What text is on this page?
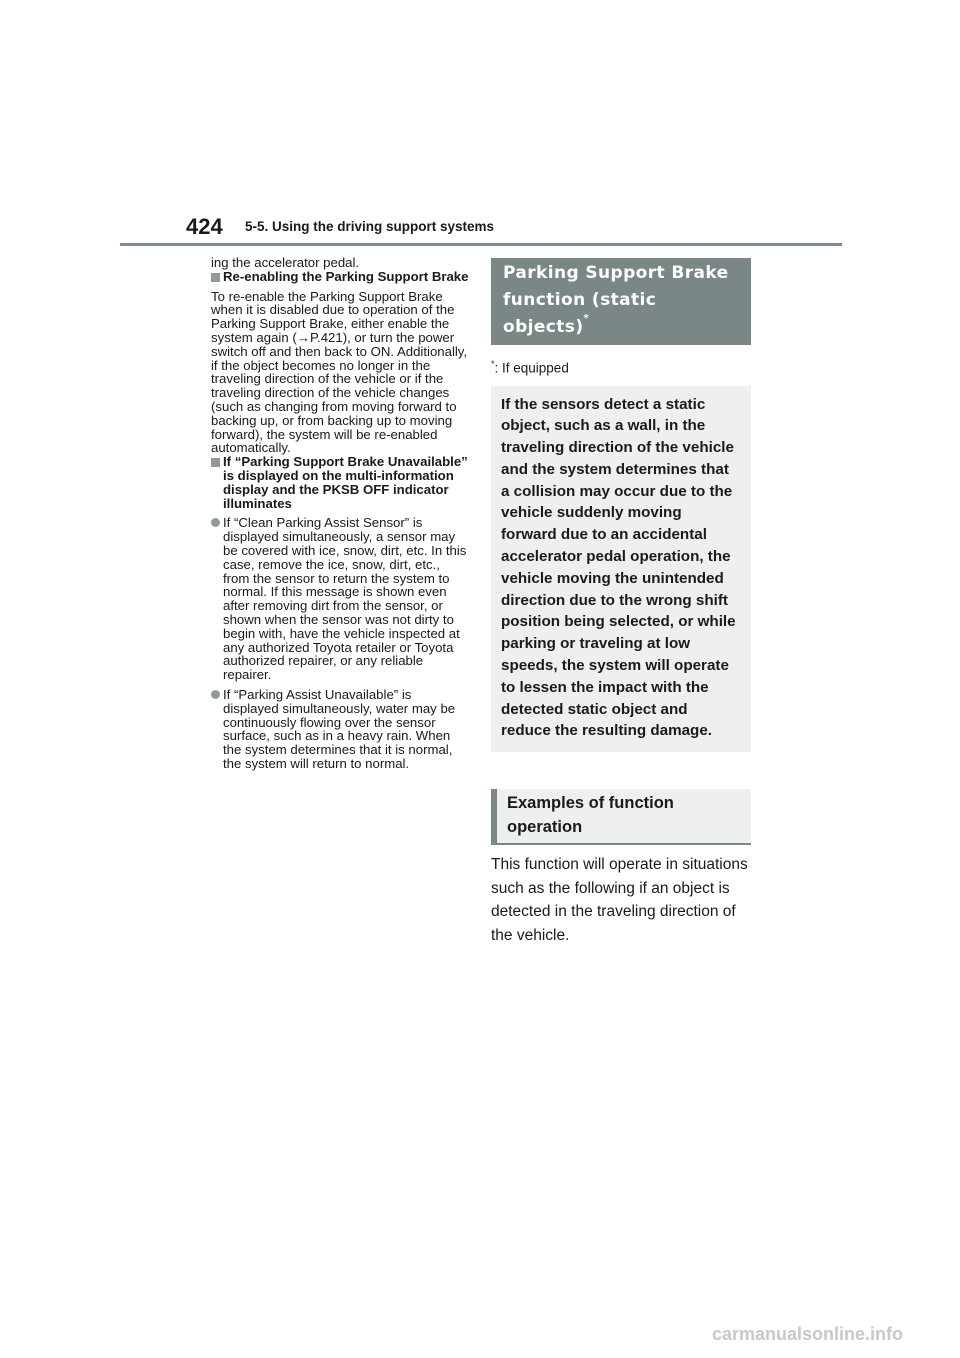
424 5-5. Using the driving support systems

ing the accelerator pedal.

Re-enabling the Parking Support Brake

To re-enable the Parking Support Brake when it is disabled due to operation of the Parking Support Brake, either enable the system again (→P.421), or turn the power switch off and then back to ON. Additionally, if the object becomes no longer in the traveling direction of the vehicle or if the traveling direction of the vehicle changes (such as changing from moving forward to backing up, or from backing up to moving forward), the system will be re-enabled automatically.

If “Parking Support Brake Unavailable” is displayed on the multi-information display and the PKSB OFF indicator illuminates
If “Clean Parking Assist Sensor” is displayed simultaneously, a sensor may be covered with ice, snow, dirt, etc. In this case, remove the ice, snow, dirt, etc., from the sensor to return the system to normal. If this message is shown even after removing dirt from the sensor, or shown when the sensor was not dirty to begin with, have the vehicle inspected at any authorized Toyota retailer or Toyota authorized repairer, or any reliable repairer.
If “Parking Assist Unavailable” is displayed simultaneously, water may be continuously flowing over the sensor surface, such as in a heavy rain. When the system determines that it is normal, the system will return to normal.
Parking Support Brake function (static objects)*
*: If equipped
If the sensors detect a static object, such as a wall, in the traveling direction of the vehicle and the system determines that a collision may occur due to the vehicle suddenly moving forward due to an accidental accelerator pedal operation, the vehicle moving the unintended direction due to the wrong shift position being selected, or while parking or traveling at low speeds, the system will operate to lessen the impact with the detected static object and reduce the resulting damage.
Examples of function operation
This function will operate in situations such as the following if an object is detected in the traveling direction of the vehicle.
carmanualsonline.info
